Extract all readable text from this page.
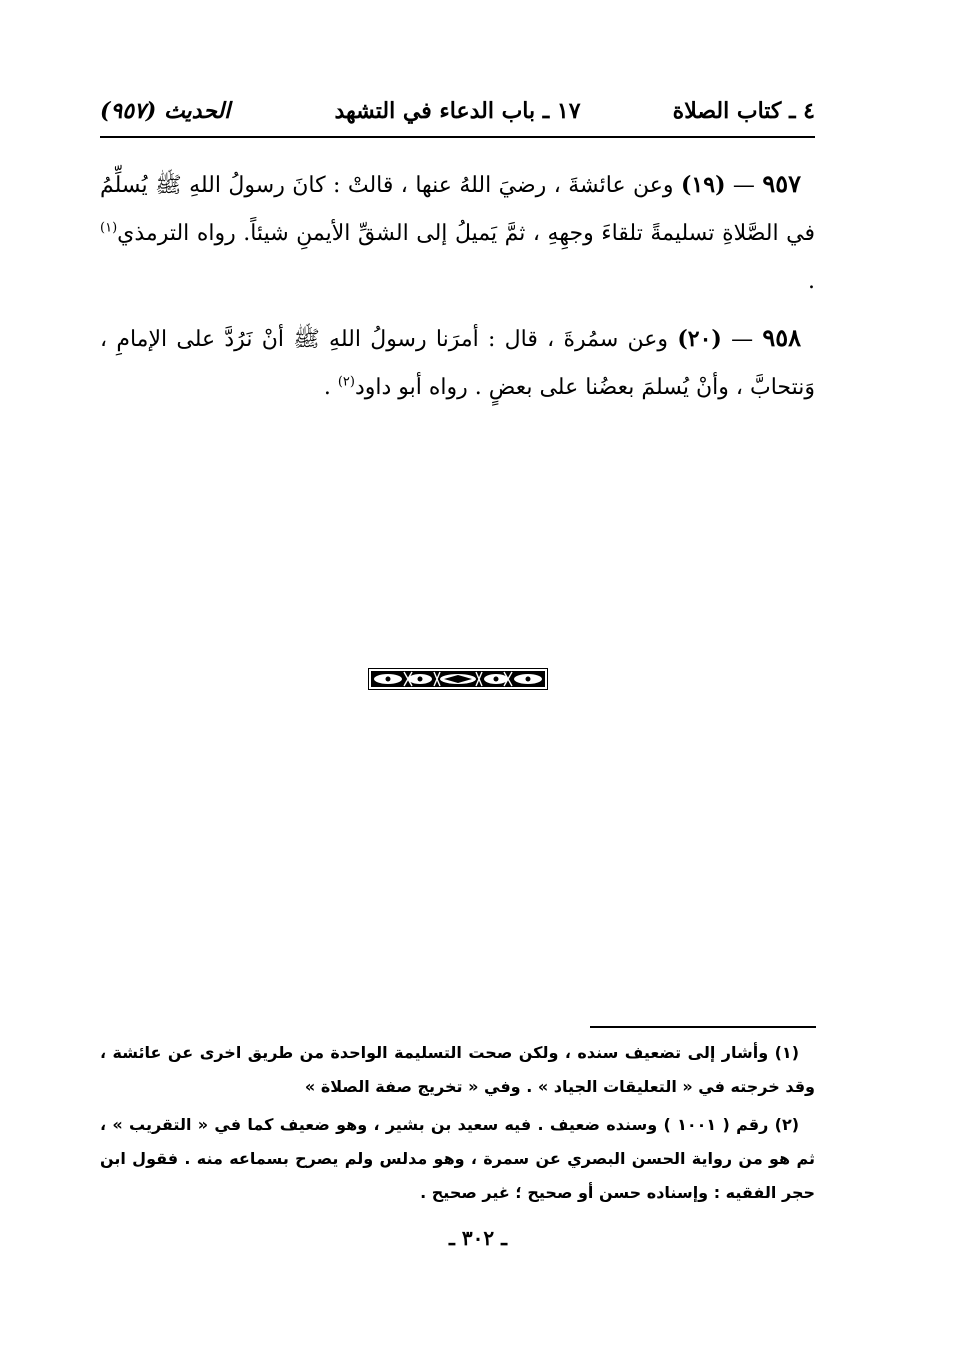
٤ ـ كتاب الصلاة
١٧ ـ باب الدعاء في التشهد
الحديث (٩٥٧)

٩٥٧ — (١٩) وعن عائشةَ ، رضيَ اللهُ عنها ، قالتْ : كانَ رسولُ اللهِ ﷺ يُسلِّمُ في الصَّلاةِ تسليمةً تلقاءَ وجهِهِ ، ثمَّ يَميلُ إلى الشقِّ الأيمنِ شيئاً. رواه الترمذي$^{(١)}$ .

٩٥٨ — (٢٠) وعن سمُرةَ ، قال : أمرَنا رسولُ اللهِ ﷺ أنْ نَرُدَّ على الإمامِ ، وَنتحابَّ ، وأنْ يُسلمَ بعضُنا على بعضٍ . رواه أبو داود$^{(٢)}$ .

(١) وأشار إلى تضعيف سنده ، ولكن صحت التسليمة الواحدة من طريق اخرى عن عائشة ، وقد خرجته في « التعليقات الجياد » . وفي « تخريج صفة الصلاة »

(٢) رقم ( ١٠٠١ ) وسنده ضعيف . فيه سعيد بن بشير ، وهو ضعيف كما في « التقريب » ، ثم هو من رواية الحسن البصري عن سمرة ، وهو مدلس ولم يصرح بسماعه منه . فقول ابن حجر الفقيه : وإسناده حسن أو صحيح ؛ غير صحيح .

ـ ٣٠٢ ـ
